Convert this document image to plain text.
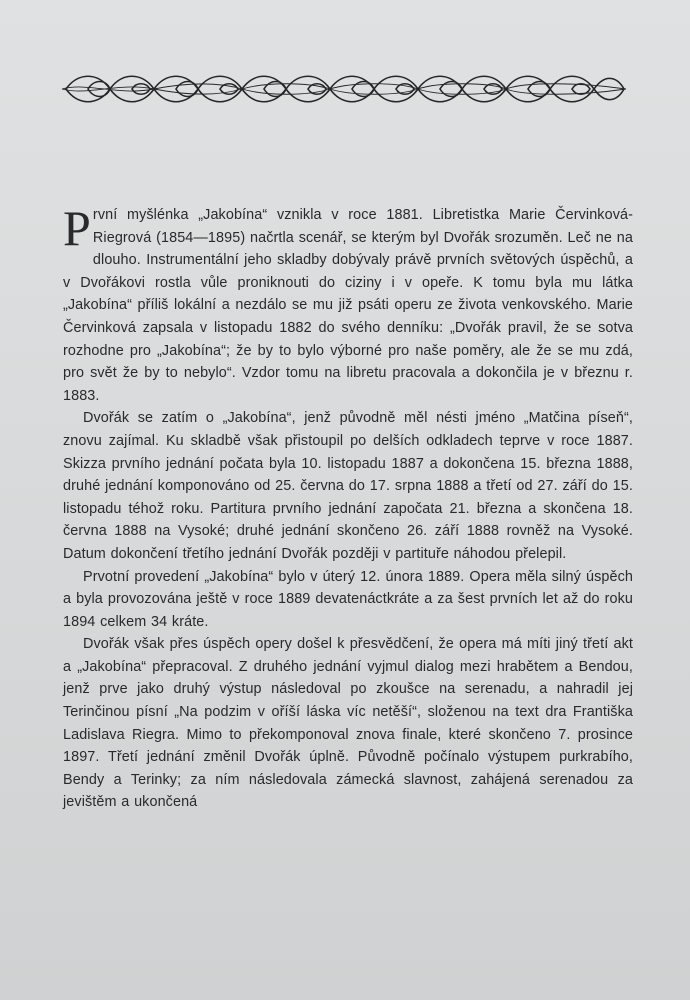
První myšlénka „Jakobína“ vznikla v roce 1881. Libretistka Marie Červinková-Riegrová (1854—1895) načrtla scenář, se kterým byl Dvořák srozuměn. Leč ne na dlouho. Instrumentální jeho skladby dobývaly právě prvních světových úspěchů, a v Dvořákovi rostla vůle proniknouti do ciziny i v opeře. K tomu byla mu látka „Jakobína“ příliš lokální a nezdálo se mu již psáti operu ze života venkovského. Marie Červinková zapsala v listopadu 1882 do svého denníku: „Dvořák pravil, že se sotva rozhodne pro „Jakobína“; že by to bylo výborné pro naše poměry, ale že se mu zdá, pro svět že by to nebylo“. Vzdor tomu na libretu pracovala a dokončila je v březnu r. 1883.

Dvořák se zatím o „Jakobína“, jenž původně měl nésti jméno „Matčina píseň“, znovu zajímal. Ku skladbě však přistoupil po delších odkladech teprve v roce 1887. Skizza prvního jednání počata byla 10. listopadu 1887 a dokončena 15. března 1888, druhé jednání komponováno od 25. června do 17. srpna 1888 a třetí od 27. září do 15. listopadu téhož roku. Partitura prvního jednání započata 21. března a skončena 18. června 1888 na Vysoké; druhé jednání skončeno 26. září 1888 rovněž na Vysoké. Datum dokončení třetího jednání Dvořák později v partituře náhodou přelepil.

Prvotní provedení „Jakobína“ bylo v úterý 12. února 1889. Opera měla silný úspěch a byla provozována ještě v roce 1889 devatenáctkráte a za šest prvních let až do roku 1894 celkem 34 kráte.

Dvořák však přes úspěch opery došel k přesvědčení, že opera má míti jiný třetí akt a „Jakobína“ přepracoval. Z druhého jednání vyjmul dialog mezi hrabětem a Bendou, jenž prve jako druhý výstup následoval po zkoušce na serenadu, a nahradil jej Terinčinou písní „Na podzim v oříší láska víc netěší“, složenou na text dra Františka Ladislava Riegra. Mimo to překomponoval znova finale, které skončeno 7. prosince 1897. Třetí jednání změnil Dvořák úplně. Původně počínalo výstupem purkrabího, Bendy a Terinky; za ním následovala zámecká slavnost, zahájená serenadou za jevištěm a ukončená
